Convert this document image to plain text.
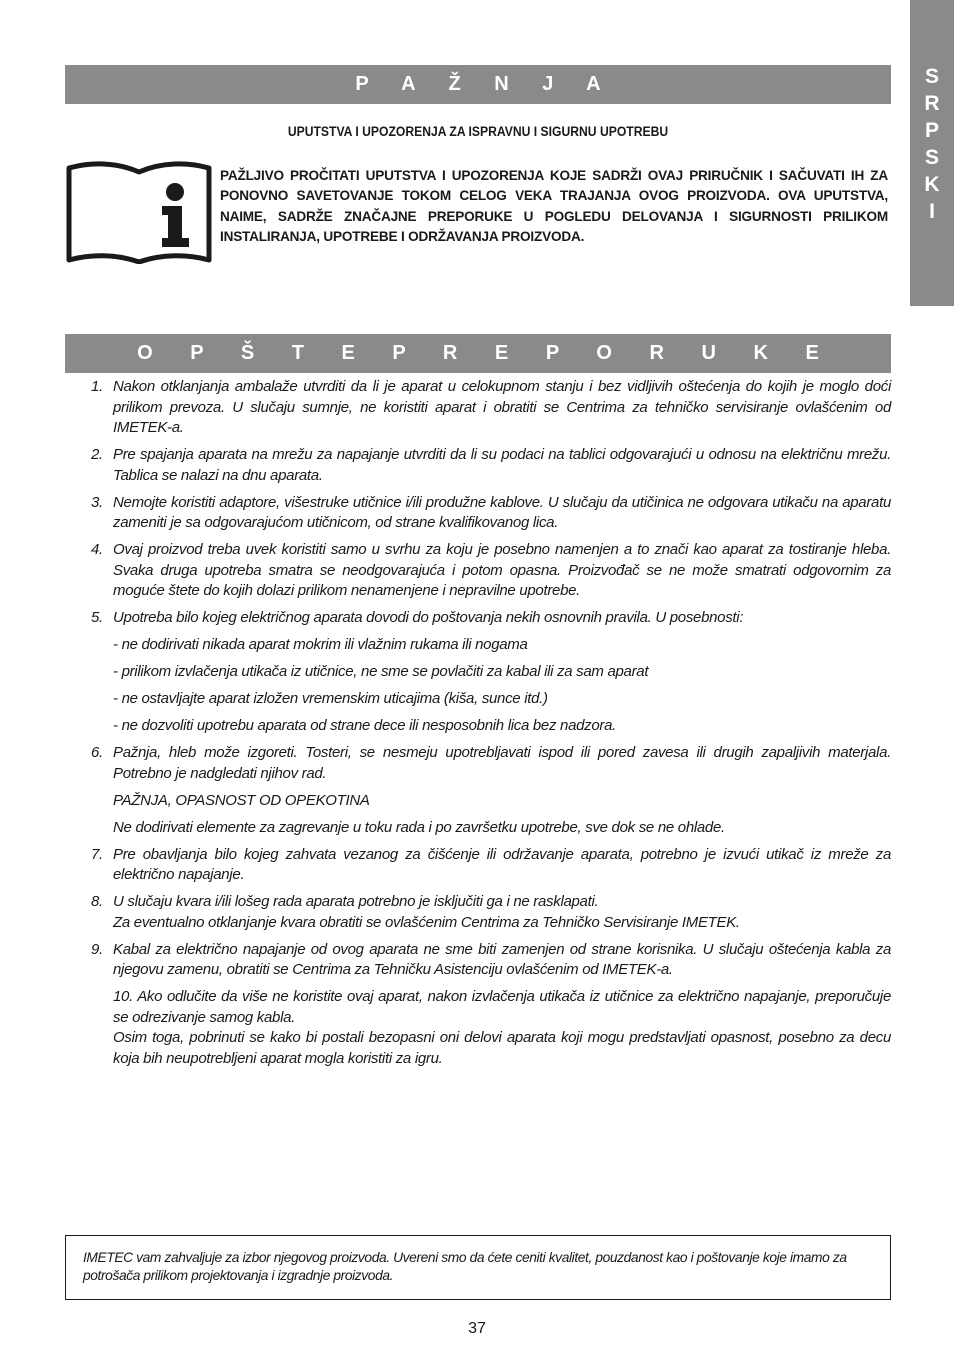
S
R
P
S
K
I
P A Ž N J A
UPUTSTVA I UPOZORENJA ZA ISPRAVNU I SIGURNU UPOTREBU
PAŽLJIVO PROČITATI UPUTSTVA I UPOZORENJA KOJE SADRŽI OVAJ PRIRUČNIK I SAČUVATI IH ZA PONOVNO SAVETOVANJE TOKOM CELOG VEKA TRAJANJA OVOG PROIZVODA. OVA UPUTSTVA, NAIME, SADRŽE ZNAČAJNE PREPORUKE U POGLEDU DELOVANJA I SIGURNOSTI PRILIKOM INSTALIRANJA, UPOTREBE I ODRŽAVANJA PROIZVODA.
O P Š T E P R E P O R U K E
1. Nakon otklanjanja ambalaže utvrditi da li je aparat u celokupnom stanju i bez vidljivih oštećenja do kojih je moglo doći prilikom prevoza. U slučaju sumnje, ne koristiti aparat i obratiti se Centrima za tehničko servisiranje ovlašćenim od IMETEK-a.
2. Pre spajanja aparata na mrežu za napajanje utvrditi da li su podaci na tablici odgovarajući u odnosu na električnu mrežu. Tablica se nalazi na dnu aparata.
3. Nemojte koristiti adaptore, višestruke utičnice i/ili produžne kablove. U slučaju da utičinica ne odgovara utikaču na aparatu zameniti je sa odgovarajućom utičnicom, od strane kvalifikovanog lica.
4. Ovaj proizvod treba uvek koristiti samo u svrhu za koju je posebno namenjen a to znači kao aparat za tostiranje hleba. Svaka druga upotreba smatra se neodgovarajuća i potom opasna. Proizvođač se ne može smatrati odgovornim za moguće štete do kojih dolazi prilikom nenamenjene i nepravilne upotrebe.
5. Upotreba bilo kojeg električnog aparata dovodi do poštovanja nekih osnovnih pravila. U posebnosti:
- ne dodirivati nikada aparat mokrim ili vlažnim rukama ili nogama
- prilikom izvlačenja utikača iz utičnice, ne sme se povlačiti za kabal ili za sam aparat
- ne ostavljajte aparat izložen vremenskim uticajima (kiša, sunce itd.)
- ne dozvoliti upotrebu aparata od strane dece ili nesposobnih lica bez nadzora.
6. Pažnja, hleb može izgoreti. Tosteri, se nesmeju upotrebljavati ispod ili pored zavesa ili drugih zapaljivih materjala. Potrebno je nadgledati njihov rad.
PAŽNJA, OPASNOST OD OPEKOTINA
Ne dodirivati elemente za zagrevanje u toku rada i po završetku upotrebe, sve dok se ne ohlade.
7. Pre obavljanja bilo kojeg zahvata vezanog za čišćenje ili održavanje aparata, potrebno je izvući utikač iz mreže za električno napajanje.
8. U slučaju kvara i/ili lošeg rada aparata potrebno je isključiti ga i ne rasklapati.
Za eventualno otklanjanje kvara obratiti se ovlašćenim Centrima za Tehničko Servisiranje IMETEK.
9. Kabal za električno napajanje od ovog aparata ne sme biti zamenjen od strane korisnika. U slučaju oštećenja kabla za njegovu zamenu, obratiti se Centrima za Tehničku Asistenciju ovlašćenim od IMETEK-a.
10. Ako odlučite da više ne koristite ovaj aparat, nakon izvlačenja utikača iz utičnice za električno napajanje, preporučuje se odrezivanje samog kabla.
Osim toga, pobrinuti se kako bi postali bezopasni oni delovi aparata koji mogu predstavljati opasnost, posebno za decu koja bih neupotrebljeni aparat mogla koristiti za igru.
IMETEC vam zahvaljuje za izbor njegovog proizvoda. Uvereni smo da ćete ceniti kvalitet, pouzdanost kao i poštovanje koje imamo za potrošača prilikom projektovanja i izgradnje proizvoda.
37
